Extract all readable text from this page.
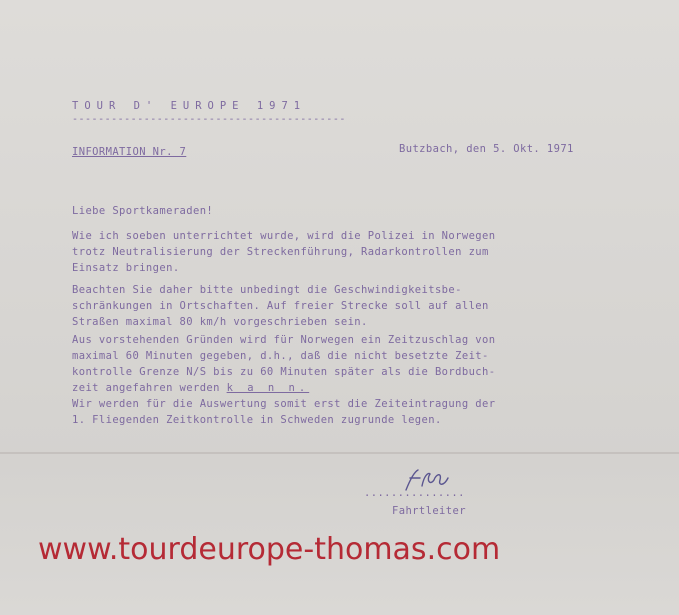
TOUR D' EUROPE 1971
------------------------------------------
INFORMATION Nr. 7	Butzbach, den 5. Okt. 1971
Liebe Sportkameraden!
Wie ich soeben unterrichtet wurde, wird die Polizei in Norwegen
trotz Neutralisierung der Streckenführung, Radarkontrollen zum
Einsatz bringen.
Beachten Sie daher bitte unbedingt die Geschwindigkeitsbe-
schränkungen in Ortschaften. Auf freier Strecke soll auf allen
Straßen maximal 80 km/h vorgeschrieben sein.
Aus vorstehenden Gründen wird für Norwegen ein Zeitzuschlag von
maximal 60 Minuten gegeben, d.h., daß die nicht besetzte Zeit-
kontrolle Grenze N/S bis zu 60 Minuten später als die Bordbuch-
zeit angefahren werden k a n n.
Wir werden für die Auswertung somit erst die Zeiteintragung der
1. Fliegenden Zeitkontrolle in Schweden zugrunde legen.
...............
Fahrtleiter
www.tourdeurope-thomas.com
